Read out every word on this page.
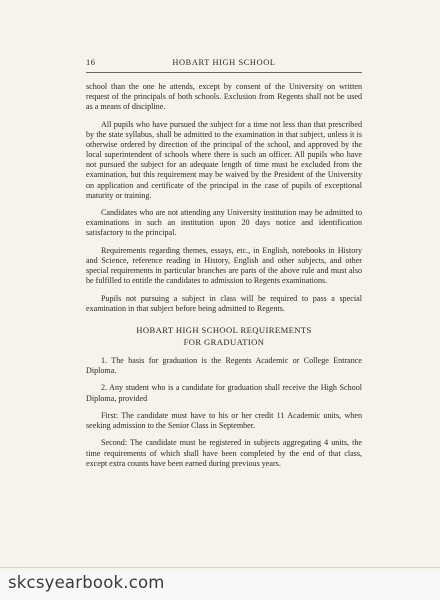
16	HOBART HIGH SCHOOL

school than the one he attends, except by consent of the University on written request of the principals of both schools. Exclusion from Regents shall not be used as a means of discipline.

All pupils who have pursued the subject for a time not less than that prescribed by the state syllabus, shall be admitted to the examination in that subject, unless it is otherwise ordered by direction of the principal of the school, and approved by the local superintendent of schools where there is such an officer. All pupils who have not pursued the subject for an adequate length of time must be excluded from the examination, but this requirement may be waived by the President of the University on application and certificate of the principal in the case of pupils of exceptional maturity or training.

Candidates who are not attending any University institution may be admitted to examinations in such an institution upon 20 days notice and identification satisfactory to the principal.

Requirements regarding themes, essays, etc., in English, notebooks in History and Science, reference reading in History, English and other subjects, and other special requirements in particular branches are parts of the above rule and must also be fulfilled to entitle the candidates to admission to Regents examinations.

Pupils not pursuing a subject in class will be required to pass a special examination in that subject before being admitted to Regents.

HOBART HIGH SCHOOL REQUIREMENTS
FOR GRADUATION

1. The basis for graduation is the Regents Academic or College Entrance Diploma.

2. Any student who is a candidate for graduation shall receive the High School Diploma, provided

First: The candidate must have to his or her credit 11 Academic units, when seeking admission to the Senior Class in September.

Second: The candidate must be registered in subjects aggregating 4 units, the time requirements of which shall have been completed by the end of that class, except extra counts have been earned during previous years.

skcsyearbook.com
